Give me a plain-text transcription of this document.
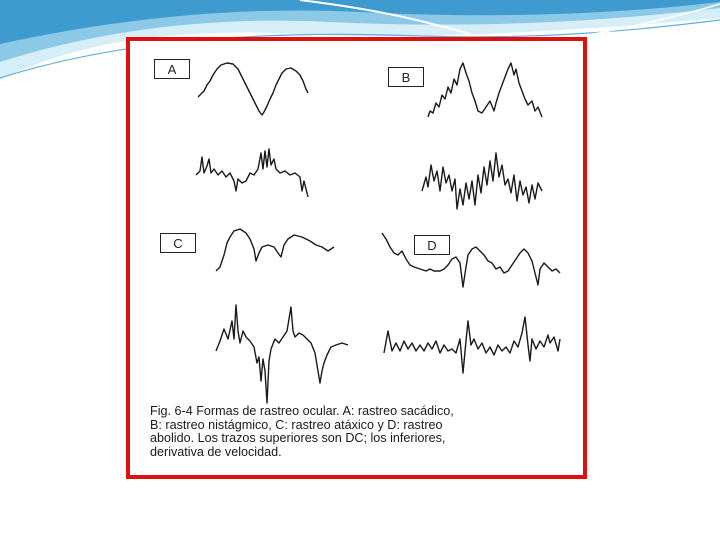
A
B
C	D
Fig. 6-4 Formas de rastreo ocular. A: rastreo sacádico,
B: rastreo nistágmico, C: rastreo atáxico y D: rastreo
abolido. Los trazos superiores son DC; los inferiores,
derivativa de velocidad.
